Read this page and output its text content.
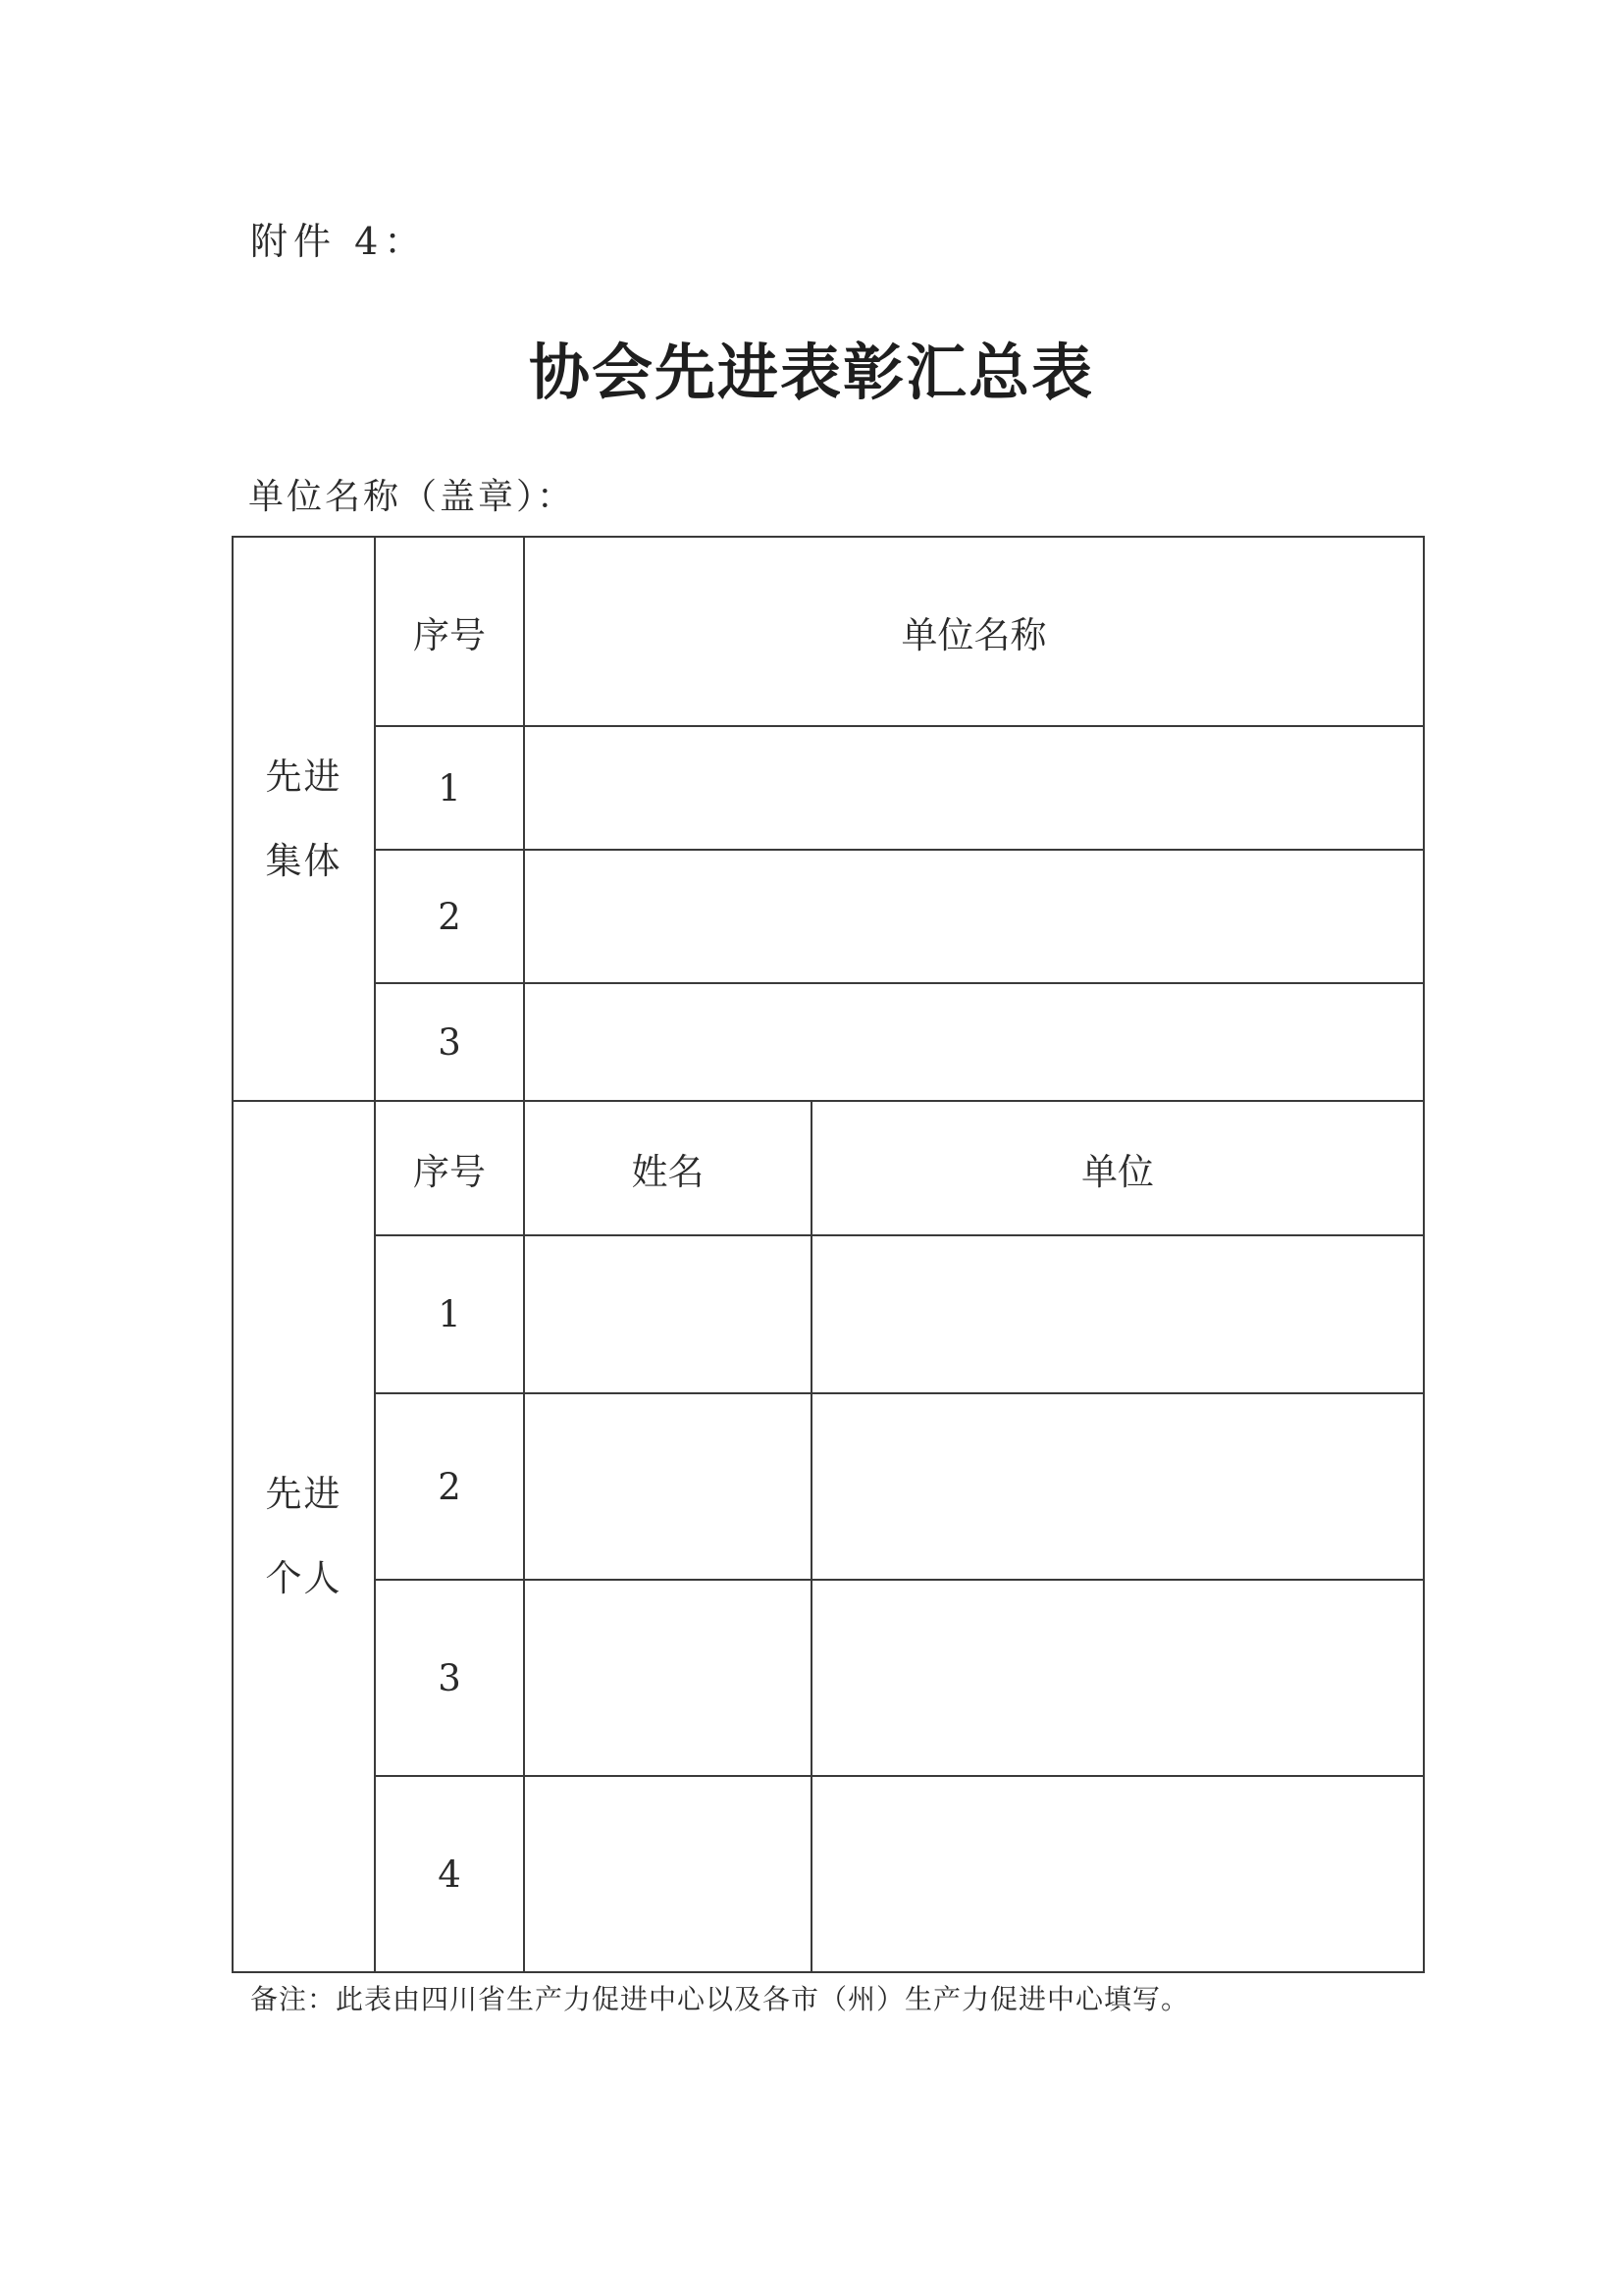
附件 4：
协会先进表彰汇总表
单位名称（盖章）：
先进
集体	序号	单位名称	
	1		
	2		
	3		
先进
个人	序号	姓名	单位
	1		
	2		
	3		
	4		
备注：此表由四川省生产力促进中心以及各市（州）生产力促进中心填写。
